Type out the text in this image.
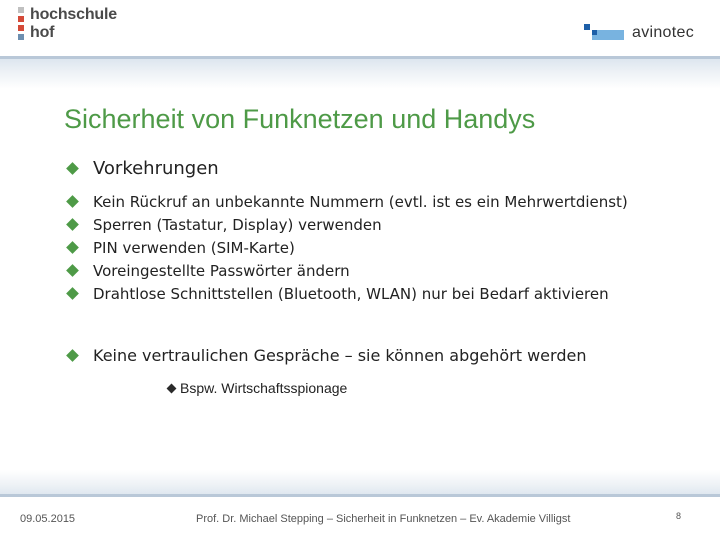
hochschule
hof	avinotec
Sicherheit von Funknetzen und Handys
Vorkehrungen
Kein Rückruf an unbekannte Nummern (evtl. ist es ein Mehrwertdienst)
Sperren (Tastatur, Display) verwenden
PIN verwenden (SIM-Karte)
Voreingestellte Passwörter ändern
Drahtlose Schnittstellen (Bluetooth, WLAN) nur bei Bedarf aktivieren
Keine vertraulichen Gespräche – sie können abgehört werden
Bspw. Wirtschaftsspionage
09.05.2015	Prof. Dr. Michael Stepping – Sicherheit in Funknetzen – Ev. Akademie Villigst	8
